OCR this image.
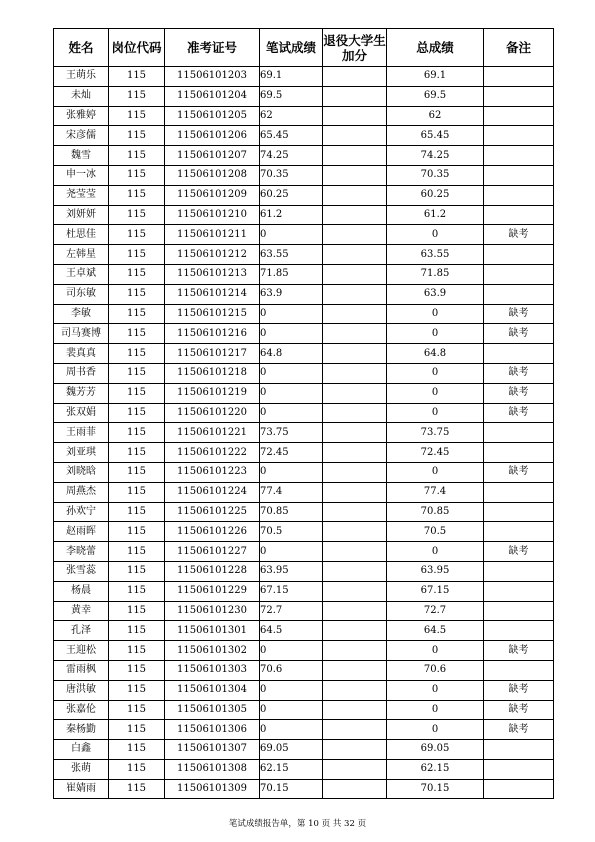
姓名	岗位代码	准考证号	笔试成绩	退役大学生加分	总成绩	备注
王萌乐	115	11506101203	69.1		69.1	
未灿	115	11506101204	69.5		69.5	
张雅婷	115	11506101205	62		62	
宋彦儒	115	11506101206	65.45		65.45	
魏雪	115	11506101207	74.25		74.25	
申一冰	115	11506101208	70.35		70.35	
尧莹莹	115	11506101209	60.25		60.25	
刘妍妍	115	11506101210	61.2		61.2	
杜思佳	115	11506101211	0		0	缺考
左韩星	115	11506101212	63.55		63.55	
王卓斌	115	11506101213	71.85		71.85	
司东敏	115	11506101214	63.9		63.9	
李敏	115	11506101215	0		0	缺考
司马赛博	115	11506101216	0		0	缺考
裴真真	115	11506101217	64.8		64.8	
周书香	115	11506101218	0		0	缺考
魏芳芳	115	11506101219	0		0	缺考
张双娟	115	11506101220	0		0	缺考
王雨菲	115	11506101221	73.75		73.75	
刘亚琪	115	11506101222	72.45		72.45	
刘晓晗	115	11506101223	0		0	缺考
周燕杰	115	11506101224	77.4		77.4	
孙欢宁	115	11506101225	70.85		70.85	
赵雨晖	115	11506101226	70.5		70.5	
李晓蕾	115	11506101227	0		0	缺考
张雪蕊	115	11506101228	63.95		63.95	
杨晨	115	11506101229	67.15		67.15	
黄幸	115	11506101230	72.7		72.7	
孔泽	115	11506101301	64.5		64.5	
王迎松	115	11506101302	0		0	缺考
雷雨枫	115	11506101303	70.6		70.6	
唐洪敏	115	11506101304	0		0	缺考
张嘉伦	115	11506101305	0		0	缺考
秦杨勤	115	11506101306	0		0	缺考
白鑫	115	11506101307	69.05		69.05	
张萌	115	11506101308	62.15		62.15	
崔婧雨	115	11506101309	70.15		70.15	
笔试成绩报告单，第 10 页 共 32 页
